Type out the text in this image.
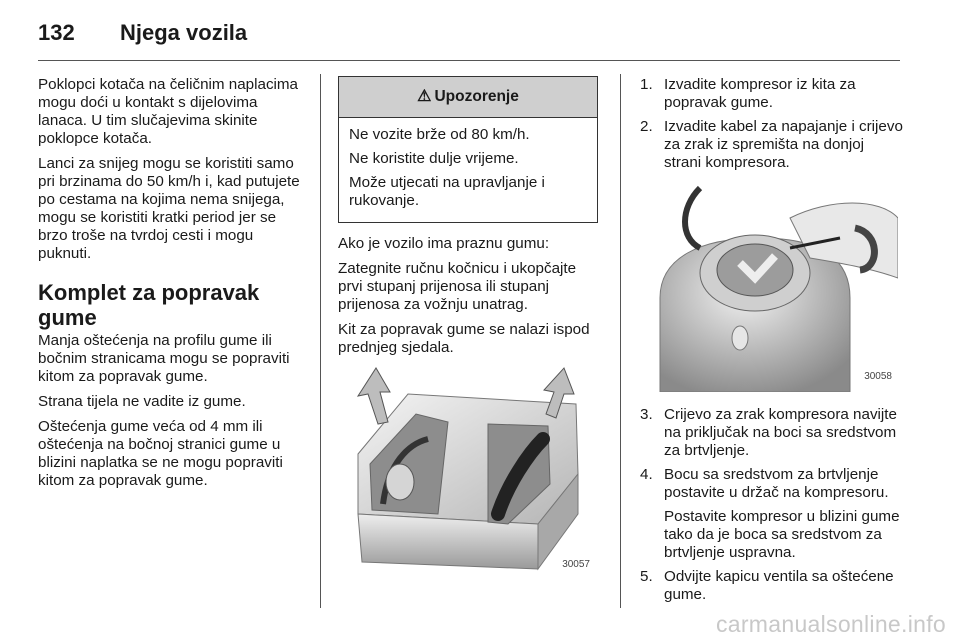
132 Njega vozila

Poklopci kotača na čeličnim naplacima mogu doći u kontakt s dijelovima lanaca. U tim slučajevima skinite poklopce kotača.

Lanci za snijeg mogu se koristiti samo pri brzinama do 50 km/h i, kad putujete po cestama na kojima nema snijega, mogu se koristiti kratki period jer se brzo troše na tvrdoj cesti i mogu puknuti.

Komplet za popravak gume

Manja oštećenja na profilu gume ili bočnim stranicama mogu se popraviti kitom za popravak gume.

Strana tijela ne vadite iz gume.

Oštećenja gume veća od 4 mm ili oštećenja na bočnoj stranici gume u blizini naplatka se ne mogu popraviti kitom za popravak gume.

⚠ Upozorenje

Ne vozite brže od 80 km/h.

Ne koristite dulje vrijeme.

Može utjecati na upravljanje i rukovanje.

Ako je vozilo ima praznu gumu:

Zategnite ručnu kočnicu i ukopčajte prvi stupanj prijenosa ili stupanj prijenosa za vožnju unatrag.

Kit za popravak gume se nalazi ispod prednjeg sjedala.

30057
1. Izvadite kompresor iz kita za popravak gume.
2. Izvadite kabel za napajanje i crijevo za zrak iz spremišta na donjoj strani kompresora.
30058
3. Crijevo za zrak kompresora navijte na priključak na boci sa sredstvom za brtvljenje.
4. Bocu sa sredstvom za brtvljenje postavite u držač na kompresoru.
Postavite kompresor u blizini gume tako da je boca sa sredstvom za brtvljenje uspravna.
5. Odvijte kapicu ventila sa oštećene gume.
carmanualsonline.info
